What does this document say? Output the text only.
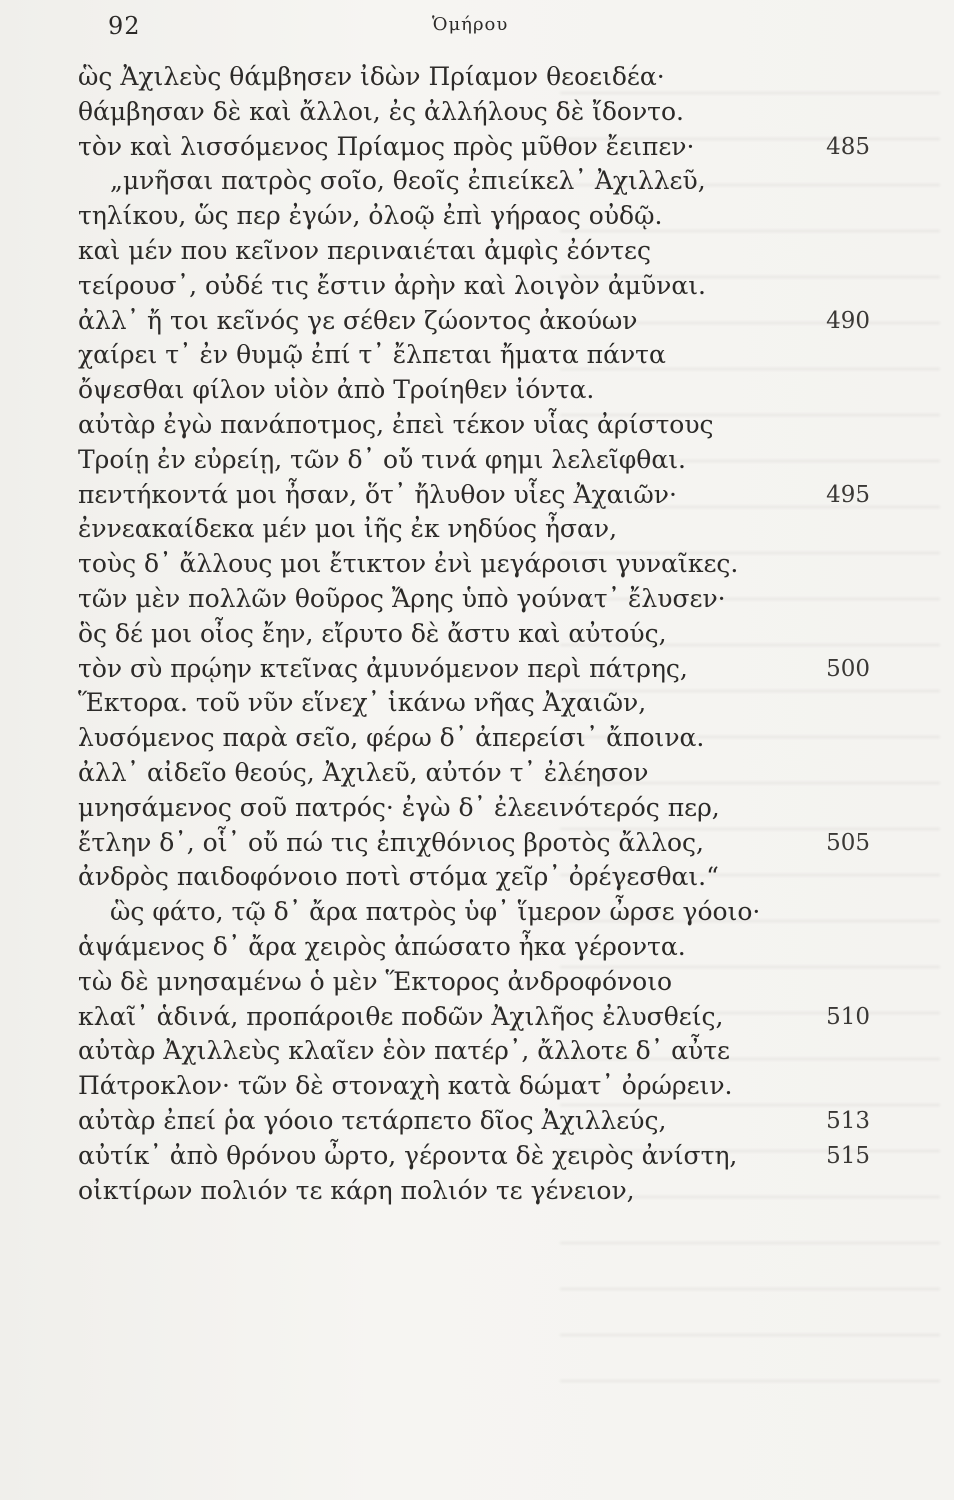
92	Ὁμήρου
ὣς Ἀχιλεὺς θάμβησεν ἰδὼν Πρίαμον θεοειδέα·
θάμβησαν δὲ καὶ ἄλλοι, ἐς ἀλλήλους δὲ ἴδοντο.
τὸν καὶ λισσόμενος Πρίαμος πρὸς μῦθον ἔειπεν·	485
„μνῆσαι πατρὸς σοῖο, θεοῖς ἐπιείκελ᾽ Ἀχιλλεῦ,
τηλίκου, ὥς περ ἐγών, ὀλοῷ ἐπὶ γήραος οὐδῷ.
καὶ μέν που κεῖνον περιναιέται ἀμφὶς ἐόντες
τείρουσ᾽, οὐδέ τις ἔστιν ἀρὴν καὶ λοιγὸν ἀμῦναι.
ἀλλ᾽ ἤ τοι κεῖνός γε σέθεν ζώοντος ἀκούων	490
χαίρει τ᾽ ἐν θυμῷ ἐπί τ᾽ ἔλπεται ἤματα πάντα
ὄψεσθαι φίλον υἱὸν ἀπὸ Τροίηθεν ἰόντα.
αὐτὰρ ἐγὼ πανάποτμος, ἐπεὶ τέκον υἷας ἀρίστους
Τροίῃ ἐν εὐρείῃ, τῶν δ᾽ οὔ τινά φημι λελεῖφθαι.
πεντήκοντά μοι ἦσαν, ὅτ᾽ ἤλυθον υἷες Ἀχαιῶν·	495
ἐννεακαίδεκα μέν μοι ἰῆς ἐκ νηδύος ἦσαν,
τοὺς δ᾽ ἄλλους μοι ἔτικτον ἐνὶ μεγάροισι γυναῖκες.
τῶν μὲν πολλῶν θοῦρος Ἄρης ὑπὸ γούνατ᾽ ἔλυσεν·
ὃς δέ μοι οἶος ἔην, εἴρυτο δὲ ἄστυ καὶ αὐτούς,
τὸν σὺ πρῴην κτεῖνας ἀμυνόμενον περὶ πάτρης,	500
Ἕκτορα. τοῦ νῦν εἵνεχ᾽ ἱκάνω νῆας Ἀχαιῶν,
λυσόμενος παρὰ σεῖο, φέρω δ᾽ ἀπερείσι᾽ ἄποινα.
ἀλλ᾽ αἰδεῖο θεούς, Ἀχιλεῦ, αὐτόν τ᾽ ἐλέησον
μνησάμενος σοῦ πατρός· ἐγὼ δ᾽ ἐλεεινότερός περ,
ἔτλην δ᾽, οἷ᾽ οὔ πώ τις ἐπιχθόνιος βροτὸς ἄλλος,	505
ἀνδρὸς παιδοφόνοιο ποτὶ στόμα χεῖρ᾽ ὀρέγεσθαι.“
ὣς φάτο, τῷ δ᾽ ἄρα πατρὸς ὑφ᾽ ἵμερον ὦρσε γόοιο·
ἁψάμενος δ᾽ ἄρα χειρὸς ἀπώσατο ἦκα γέροντα.
τὼ δὲ μνησαμένω ὁ μὲν Ἕκτορος ἀνδροφόνοιο
κλαῖ᾽ ἁδινά, προπάροιθε ποδῶν Ἀχιλῆος ἐλυσθείς,	510
αὐτὰρ Ἀχιλλεὺς κλαῖεν ἑὸν πατέρ᾽, ἄλλοτε δ᾽ αὖτε
Πάτροκλον· τῶν δὲ στοναχὴ κατὰ δώματ᾽ ὀρώρειν.
αὐτὰρ ἐπεί ῥα γόοιο τετάρπετο δῖος Ἀχιλλεύς,	513
αὐτίκ᾽ ἀπὸ θρόνου ὦρτο, γέροντα δὲ χειρὸς ἀνίστη,	515
οἰκτίρων πολιόν τε κάρη πολιόν τε γένειον,
